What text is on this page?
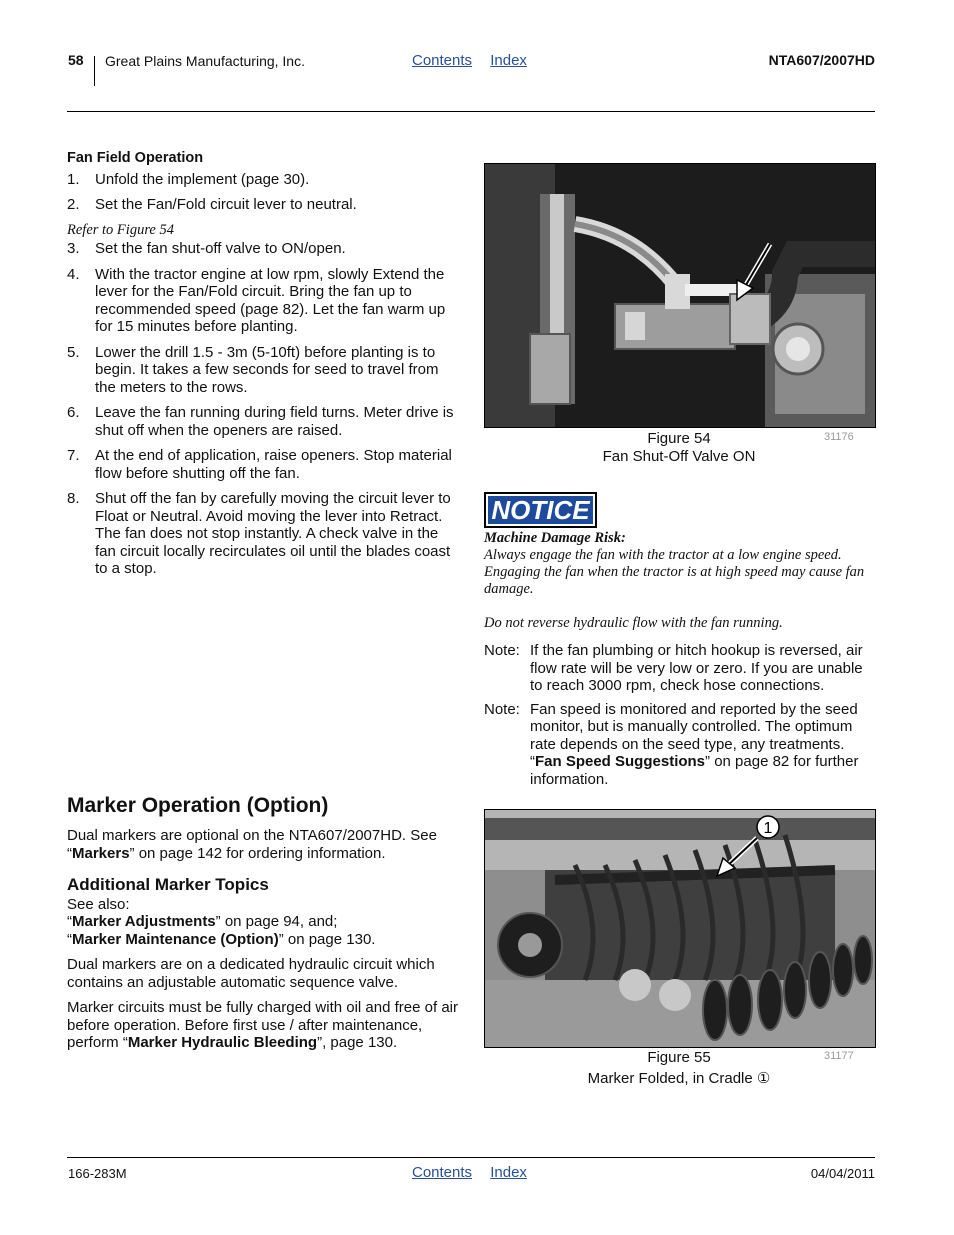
58 Great Plains Manufacturing, Inc.	Contents Index	NTA607/2007HD
Fan Field Operation
1.	Unfold the implement (page 30).
2.	Set the Fan/Fold circuit lever to neutral.
Refer to Figure 54
3.	Set the fan shut-off valve to ON/open.
4.	With the tractor engine at low rpm, slowly Extend the lever for the Fan/Fold circuit. Bring the fan up to recommended speed (page 82). Let the fan warm up for 15 minutes before planting.
5.	Lower the drill 1.5 - 3m (5-10ft) before planting is to begin. It takes a few seconds for seed to travel from the meters to the rows.
6.	Leave the fan running during field turns. Meter drive is shut off when the openers are raised.
7.	At the end of application, raise openers. Stop material flow before shutting off the fan.
8.	Shut off the fan by carefully moving the circuit lever to Float or Neutral. Avoid moving the lever into Retract. The fan does not stop instantly. A check valve in the fan circuit locally recirculates oil until the blades coast to a stop.
Figure 54
Fan Shut-Off Valve ON
31176
NOTICE

Machine Damage Risk:

Always engage the fan with the tractor at a low engine speed. Engaging the fan when the tractor is at high speed may cause fan damage.

Do not reverse hydraulic flow with the fan running.

Note: If the fan plumbing or hitch hookup is reversed, air flow rate will be very low or zero. If you are unable to reach 3000 rpm, check hose connections.
Note: Fan speed is monitored and reported by the seed monitor, but is manually controlled. The optimum rate depends on the seed type, any treatments. “Fan Speed Suggestions” on page 82 for further information.
Marker Operation (Option)

Dual markers are optional on the NTA607/2007HD. See “Markers” on page 142 for ordering information.

Additional Marker Topics
See also:
“Marker Adjustments” on page 94, and;

“Marker Maintenance (Option)” on page 130.

Dual markers are on a dedicated hydraulic circuit which contains an adjustable automatic sequence valve.

Marker circuits must be fully charged with oil and free of air before operation. Before first use / after maintenance, perform “Marker Hydraulic Bleeding”, page 130.

1
Figure 55
Marker Folded, in Cradle ①
31177
166-283M	Contents Index	04/04/2011
